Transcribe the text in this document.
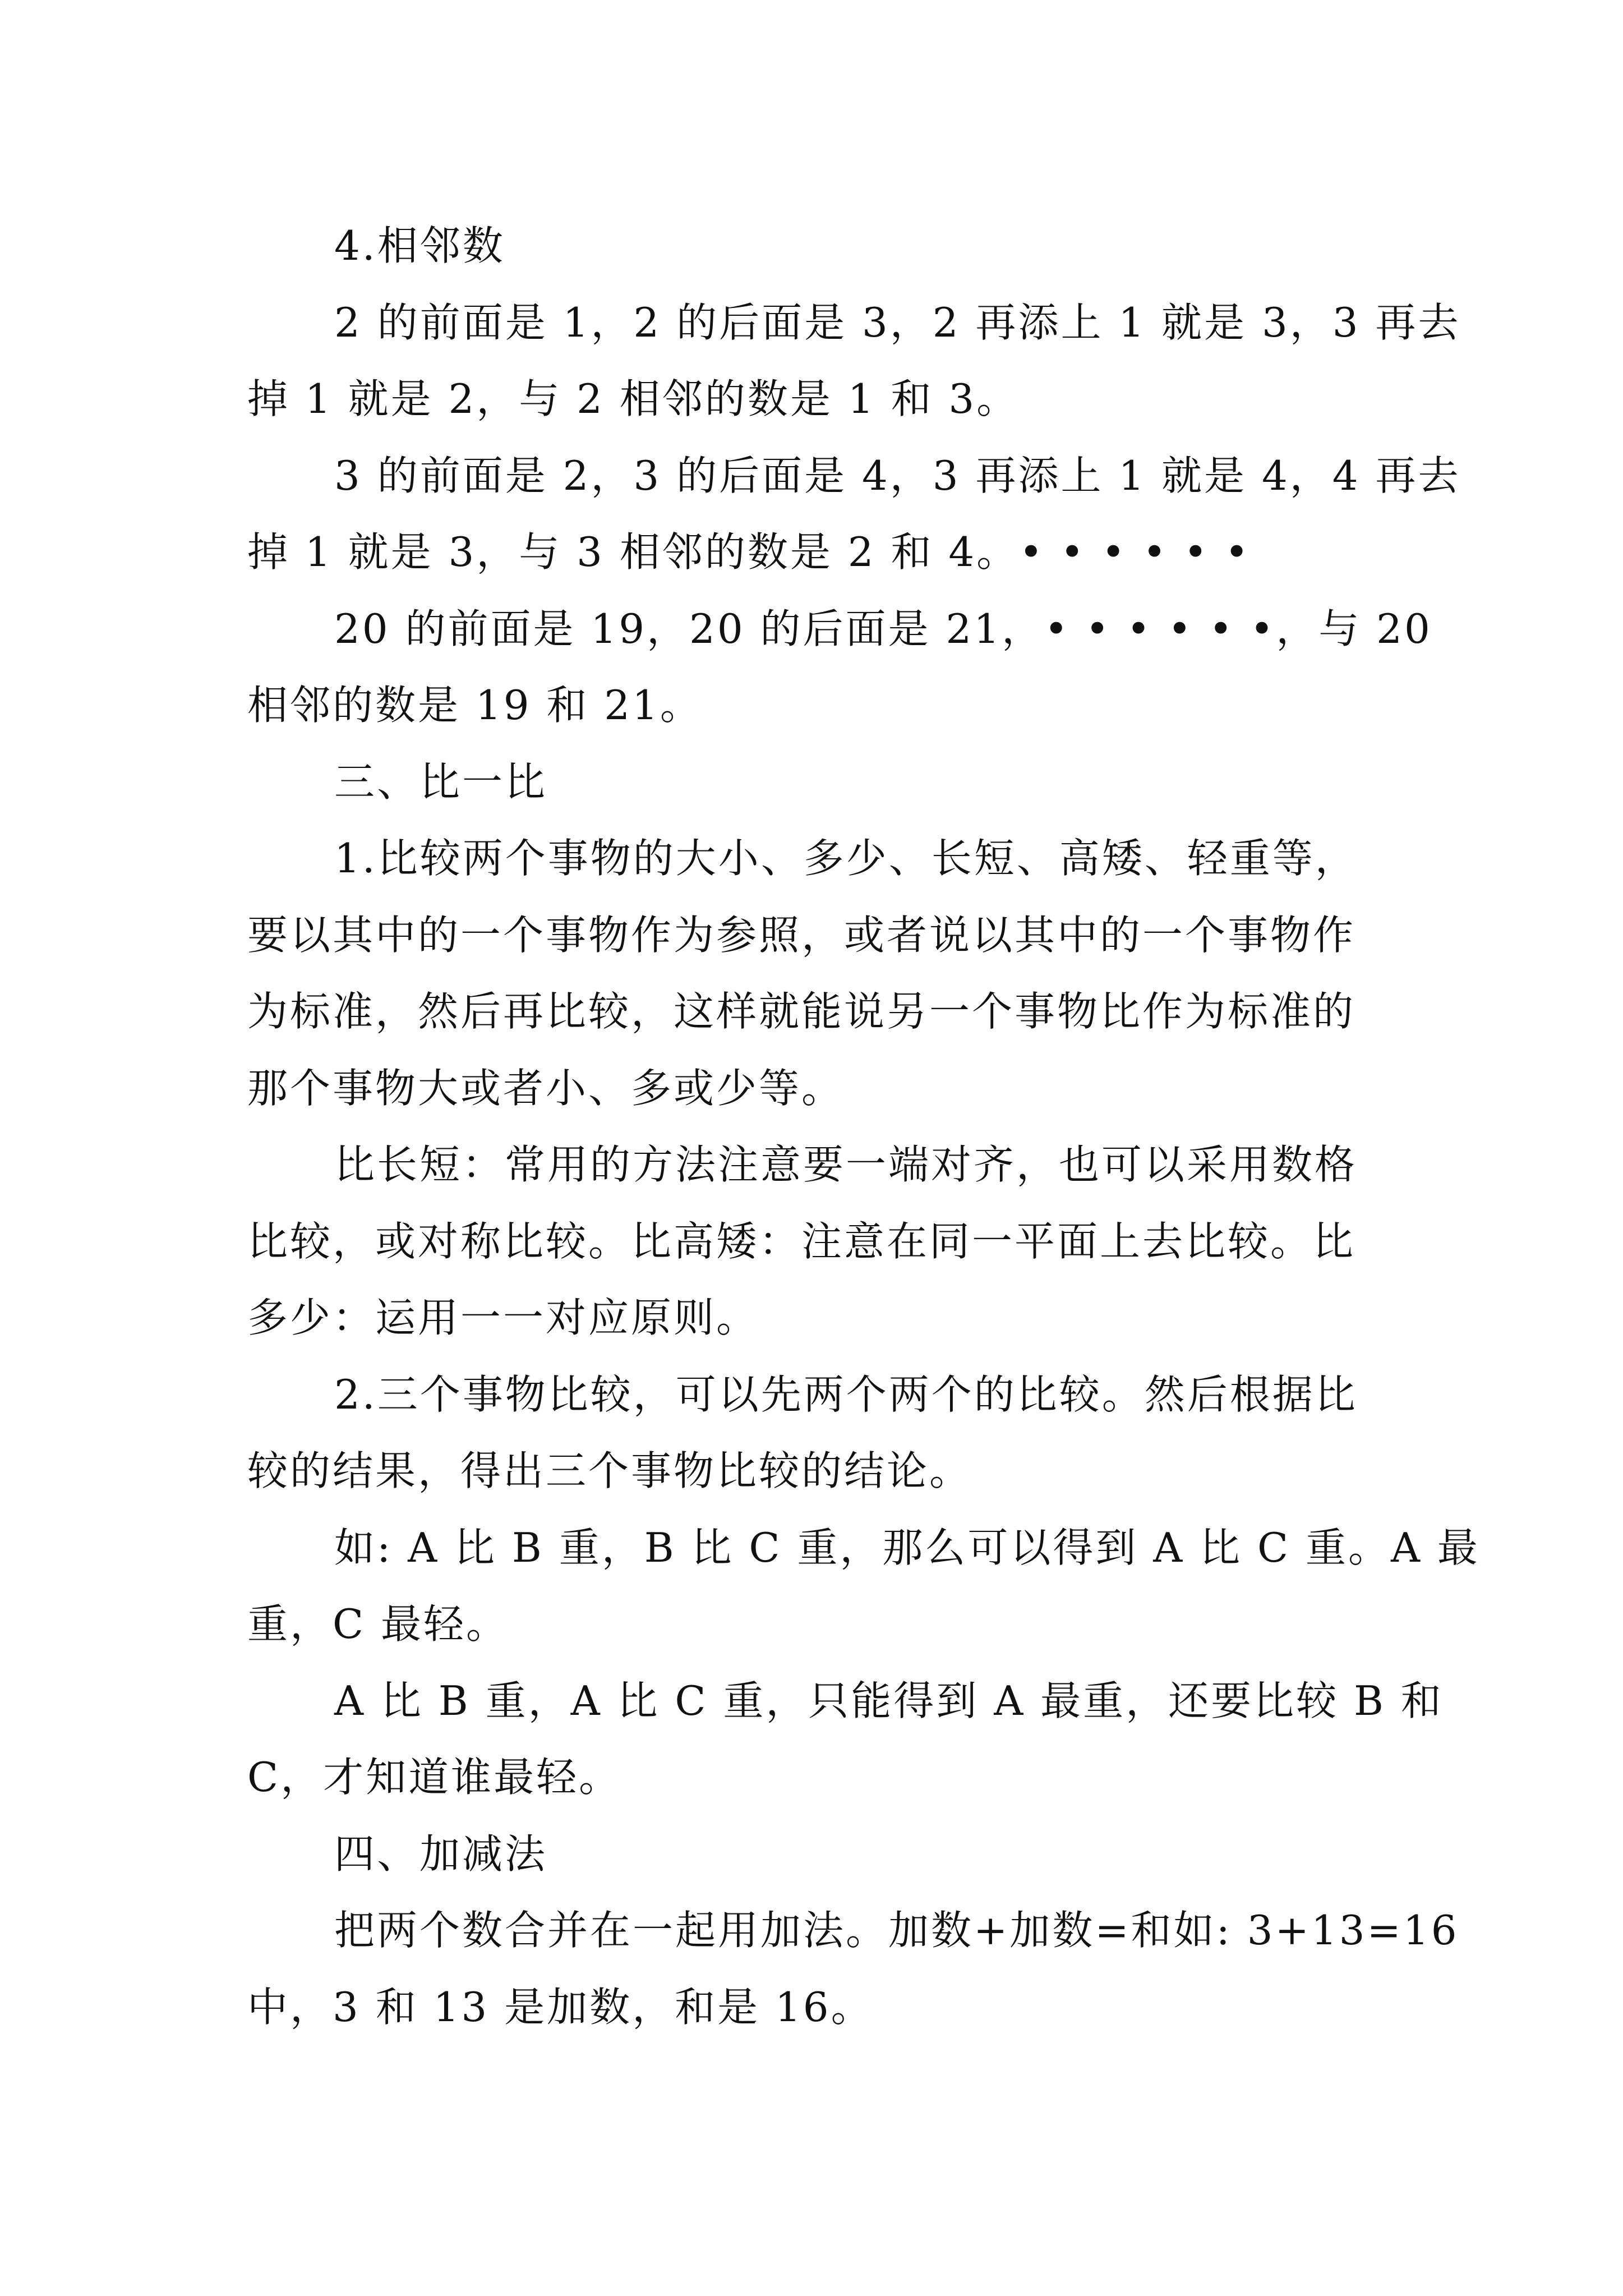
4.相邻数

2 的前面是 1，2 的后面是 3，2 再添上 1 就是 3，3 再去

掉 1 就是 2，与 2 相邻的数是 1 和 3。

3 的前面是 2，3 的后面是 4，3 再添上 1 就是 4，4 再去

掉 1 就是 3，与 3 相邻的数是 2 和 4。• • • • • •

20 的前面是 19，20 的后面是 21，• • • • • •，与 20

相邻的数是 19 和 21。

三、比一比

1.比较两个事物的大小、多少、长短、高矮、轻重等，

要以其中的一个事物作为参照，或者说以其中的一个事物作

为标准，然后再比较，这样就能说另一个事物比作为标准的

那个事物大或者小、多或少等。

比长短：常用的方法注意要一端对齐，也可以采用数格

比较，或对称比较。比高矮：注意在同一平面上去比较。比

多少：运用一一对应原则。

2.三个事物比较，可以先两个两个的比较。然后根据比

较的结果，得出三个事物比较的结论。

如: A 比 B 重，B 比 C 重，那么可以得到 A 比 C 重。A 最

重，C 最轻。

A 比 B 重，A 比 C 重，只能得到 A 最重，还要比较 B 和

C，才知道谁最轻。

四、加减法

把两个数合并在一起用加法。加数+加数=和如: 3+13=16

中，3 和 13 是加数，和是 16。
